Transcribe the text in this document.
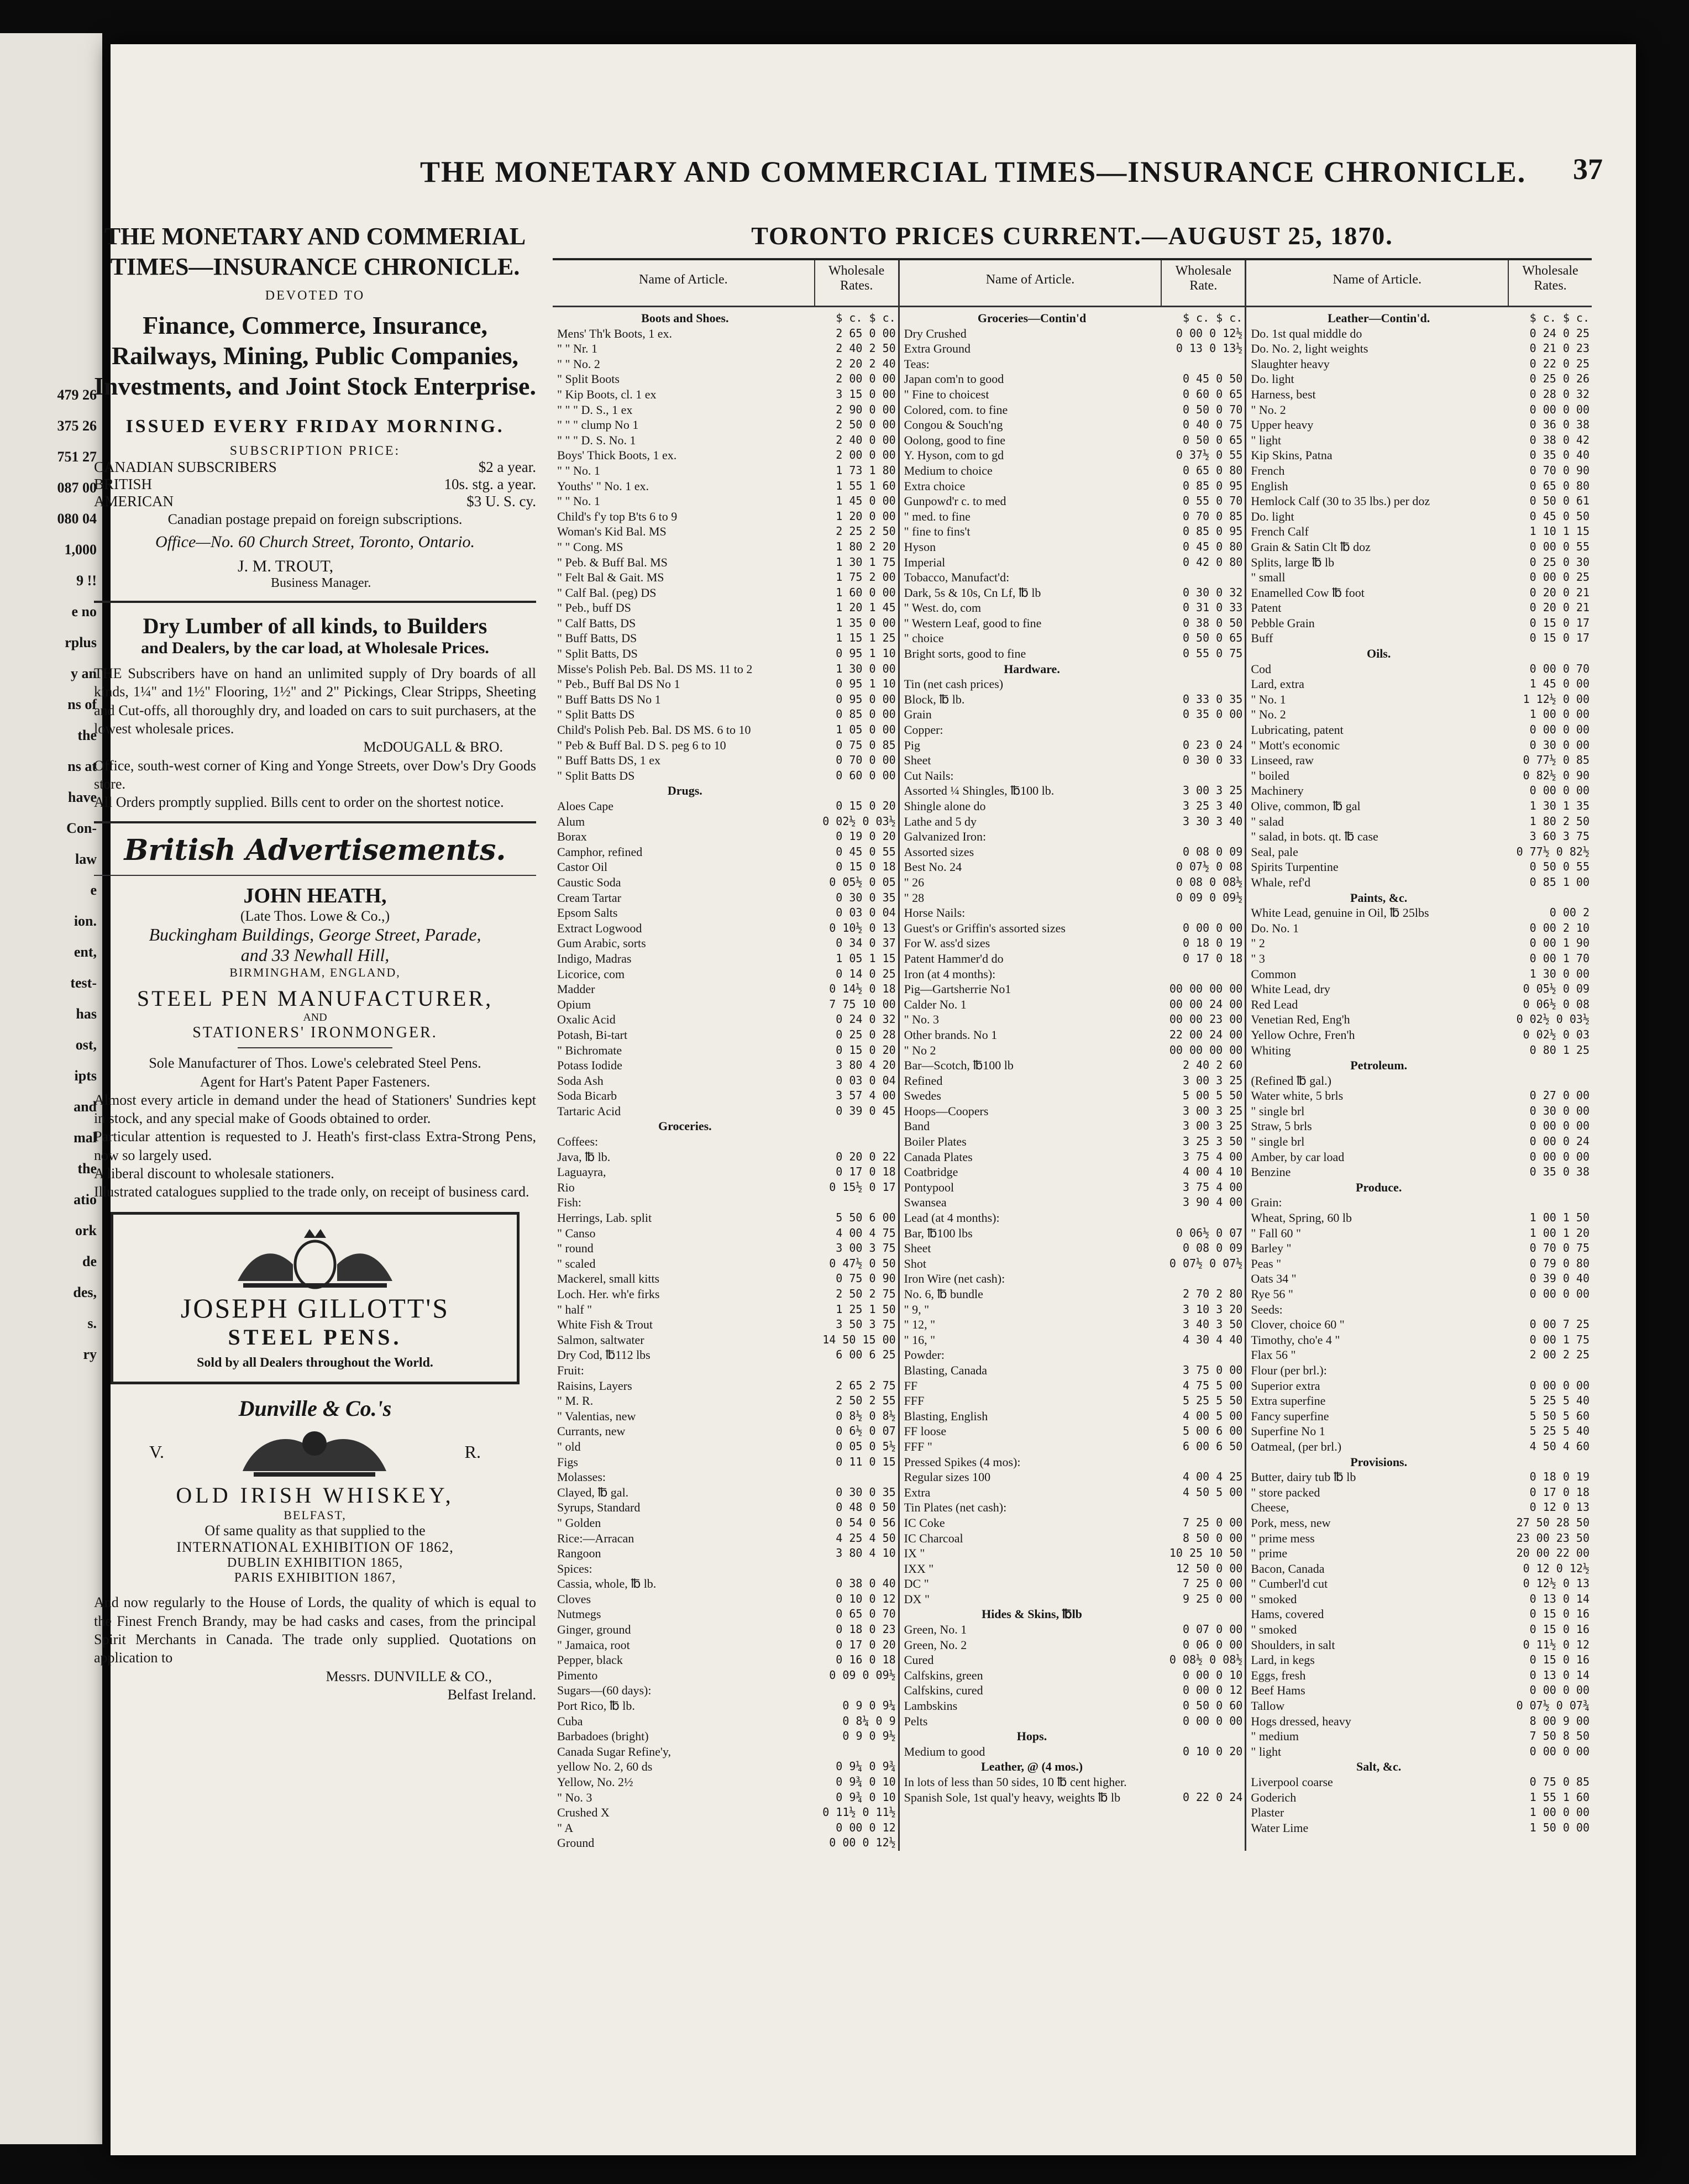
479 26
375 26
751 27
087 00
080 04
1,000
9 !!
e no
rplus
y an
ns of
the
ns at
have
Con-
law
e
ion.
ent,
test-
has
ost,
ipts
and
mal
the
atio
ork
de
des,
s.
ry
THE MONETARY AND COMMERCIAL TIMES—INSURANCE CHRONICLE.	37
THE MONETARY AND COMMERIAL TIMES—INSURANCE CHRONICLE.
DEVOTED TO
Finance, Commerce, Insurance, Railways, Mining, Public Companies, Investments, and Joint Stock Enterprise.
ISSUED EVERY FRIDAY MORNING.
SUBSCRIPTION PRICE:
CANADIAN SUBSCRIBERS	$2 a year.
BRITISH	10s. stg. a year.
AMERICAN	$3 U. S. cy.
Canadian postage prepaid on foreign subscriptions.
Office—No. 60 Church Street, Toronto, Ontario.
J. M. TROUT,
Business Manager.
Dry Lumber of all kinds, to Builders
and Dealers, by the car load, at Wholesale Prices.
THE Subscribers have on hand an unlimited supply of Dry boards of all kinds, 1¼" and 1½" Flooring, 1½" and 2" Pickings, Clear Stripps, Sheeting and Cut-offs, all thoroughly dry, and loaded on cars to suit purchasers, at the lowest wholesale prices.
McDOUGALL & BRO.
Office, south-west corner of King and Yonge Streets, over Dow's Dry Goods store.
All Orders promptly supplied. Bills cent to order on the shortest notice.
British Advertisements.
JOHN HEATH,
(Late Thos. Lowe & Co.,)
Buckingham Buildings, George Street, Parade,
and 33 Newhall Hill,
BIRMINGHAM, ENGLAND,
STEEL PEN MANUFACTURER,
AND
STATIONERS' IRONMONGER.
Sole Manufacturer of Thos. Lowe's celebrated Steel Pens.
Agent for Hart's Patent Paper Fasteners.
Almost every article in demand under the head of Stationers' Sundries kept in stock, and any special make of Goods obtained to order.
Particular attention is requested to J. Heath's first-class Extra-Strong Pens, now so largely used.
A liberal discount to wholesale stationers.
Illustrated catalogues supplied to the trade only, on receipt of business card.
JOSEPH GILLOTT'S
STEEL PENS.
Sold by all Dealers throughout the World.
Dunville & Co.'s
V.	R.
OLD IRISH WHISKEY,
BELFAST,
Of same quality as that supplied to the
INTERNATIONAL EXHIBITION OF 1862,
DUBLIN EXHIBITION 1865,
PARIS EXHIBITION 1867,
And now regularly to the House of Lords, the quality of which is equal to the Finest French Brandy, may be had casks and cases, from the principal Spirit Merchants in Canada. The trade only supplied. Quotations on application to
Messrs. DUNVILLE & CO.,
Belfast Ireland.
TORONTO PRICES CURRENT.—AUGUST 25, 1870.
Name of Article.
Wholesale Rates.
Boots and Shoes.	$ c. $ c.
Mens' Th'k Boots, 1 ex.	2 65 0 00
" " Nr. 1	2 40 2 50
" " No. 2	2 20 2 40
" Split Boots	2 00 0 00
" Kip Boots, cl. 1 ex	3 15 0 00
" " " D. S., 1 ex	2 90 0 00
" " " clump No 1	2 50 0 00
" " " D. S. No. 1	2 40 0 00
Boys' Thick Boots, 1 ex.	2 00 0 00
" " No. 1	1 73 1 80
Youths' " No. 1 ex.	1 55 1 60
" " No. 1	1 45 0 00
Child's f'y top B'ts 6 to 9	1 20 0 00
Woman's Kid Bal. MS	2 25 2 50
" " Cong. MS	1 80 2 20
" Peb. & Buff Bal. MS	1 30 1 75
" Felt Bal & Gait. MS	1 75 2 00
" Calf Bal. (peg) DS	1 60 0 00
" Peb., buff DS	1 20 1 45
" Calf Batts, DS	1 35 0 00
" Buff Batts, DS	1 15 1 25
" Split Batts, DS	0 95 1 10
Misse's Polish Peb. Bal. DS MS. 11 to 2	1 30 0 00
" Peb., Buff Bal DS No 1	0 95 1 10
" Buff Batts DS No 1	0 95 0 00
" Split Batts DS	0 85 0 00
Child's Polish Peb. Bal. DS MS. 6 to 10	1 05 0 00
" Peb & Buff Bal. D S. peg 6 to 10	0 75 0 85
" Buff Batts DS, 1 ex	0 70 0 00
" Split Batts DS	0 60 0 00
Drugs.
Aloes Cape	0 15 0 20
Alum	0 02½ 0 03½
Borax	0 19 0 20
Camphor, refined	0 45 0 55
Castor Oil	0 15 0 18
Caustic Soda	0 05½ 0 05
Cream Tartar	0 30 0 35
Epsom Salts	0 03 0 04
Extract Logwood	0 10½ 0 13
Gum Arabic, sorts	0 34 0 37
Indigo, Madras	1 05 1 15
Licorice, com	0 14 0 25
Madder	0 14½ 0 18
Opium	7 75 10 00
Oxalic Acid	0 24 0 32
Potash, Bi-tart	0 25 0 28
" Bichromate	0 15 0 20
Potass Iodide	3 80 4 20
Soda Ash	0 03 0 04
Soda Bicarb	3 57 4 00
Tartaric Acid	0 39 0 45
Groceries.
Coffees:
Java, ℔ lb.	0 20 0 22
Laguayra,	0 17 0 18
Rio	0 15½ 0 17
Fish:
Herrings, Lab. split	5 50 6 00
" Canso	4 00 4 75
" round	3 00 3 75
" scaled	0 47½ 0 50
Mackerel, small kitts	0 75 0 90
Loch. Her. wh'e firks	2 50 2 75
" half "	1 25 1 50
White Fish & Trout	3 50 3 75
Salmon, saltwater	14 50 15 00
Dry Cod, ℔112 lbs	6 00 6 25
Fruit:
Raisins, Layers	2 65 2 75
" M. R.	2 50 2 55
" Valentias, new	0 8½ 0 8½
Currants, new	0 6½ 0 07
" old	0 05 0 5½
Figs	0 11 0 15
Molasses:
Clayed, ℔ gal.	0 30 0 35
Syrups, Standard	0 48 0 50
" Golden	0 54 0 56
Rice:—Arracan	4 25 4 50
Rangoon	3 80 4 10
Spices:
Cassia, whole, ℔ lb.	0 38 0 40
Cloves	0 10 0 12
Nutmegs	0 65 0 70
Ginger, ground	0 18 0 23
" Jamaica, root	0 17 0 20
Pepper, black	0 16 0 18
Pimento	0 09 0 09½
Sugars—(60 days):
Port Rico, ℔ lb.	0 9 0 9¼
Cuba	0 8¼ 0 9
Barbadoes (bright)	0 9 0 9½
Canada Sugar Refine'y,
yellow No. 2, 60 ds	0 9¼ 0 9¾
Yellow, No. 2½	0 9¾ 0 10
" No. 3	0 9¾ 0 10
Crushed X	0 11½ 0 11½
" A	0 00 0 12
Ground	0 00 0 12½
Name of Article.
Wholesale Rate.
Groceries—Contin'd	$ c. $ c.
Dry Crushed	0 00 0 12½
Extra Ground	0 13 0 13½
Teas:
Japan com'n to good	0 45 0 50
" Fine to choicest	0 60 0 65
Colored, com. to fine	0 50 0 70
Congou & Souch'ng	0 40 0 75
Oolong, good to fine	0 50 0 65
Y. Hyson, com to gd	0 37½ 0 55
Medium to choice	0 65 0 80
Extra choice	0 85 0 95
Gunpowd'r c. to med	0 55 0 70
" med. to fine	0 70 0 85
" fine to fins't	0 85 0 95
Hyson	0 45 0 80
Imperial	0 42 0 80
Tobacco, Manufact'd:
Dark, 5s & 10s, Cn Lf, ℔ lb	0 30 0 32
" West. do, com	0 31 0 33
" Western Leaf, good to fine	0 38 0 50
" choice	0 50 0 65
Bright sorts, good to fine	0 55 0 75
Hardware.
Tin (net cash prices)
Block, ℔ lb.	0 33 0 35
Grain	0 35 0 00
Copper:
Pig	0 23 0 24
Sheet	0 30 0 33
Cut Nails:
Assorted ¼ Shingles, ℔100 lb.	3 00 3 25
Shingle alone do	3 25 3 40
Lathe and 5 dy	3 30 3 40
Galvanized Iron:
Assorted sizes	0 08 0 09
Best No. 24	0 07½ 0 08
" 26	0 08 0 08½
" 28	0 09 0 09½
Horse Nails:
Guest's or Griffin's assorted sizes	0 00 0 00
For W. ass'd sizes	0 18 0 19
Patent Hammer'd do	0 17 0 18
Iron (at 4 months):
Pig—Gartsherrie No1	00 00 00 00
Calder No. 1	00 00 24 00
" No. 3	00 00 23 00
Other brands. No 1	22 00 24 00
" No 2	00 00 00 00
Bar—Scotch, ℔100 lb	2 40 2 60
Refined	3 00 3 25
Swedes	5 00 5 50
Hoops—Coopers	3 00 3 25
Band	3 00 3 25
Boiler Plates	3 25 3 50
Canada Plates	3 75 4 00
Coatbridge	4 00 4 10
Pontypool	3 75 4 00
Swansea	3 90 4 00
Lead (at 4 months):
Bar, ℔100 lbs	0 06½ 0 07
Sheet	0 08 0 09
Shot	0 07½ 0 07½
Iron Wire (net cash):
No. 6, ℔ bundle	2 70 2 80
" 9, "	3 10 3 20
" 12, "	3 40 3 50
" 16, "	4 30 4 40
Powder:
Blasting, Canada	3 75 0 00
FF	4 75 5 00
FFF	5 25 5 50
Blasting, English	4 00 5 00
FF loose	5 00 6 00
FFF "	6 00 6 50
Pressed Spikes (4 mos):
Regular sizes 100	4 00 4 25
Extra	4 50 5 00
Tin Plates (net cash):
IC Coke	7 25 0 00
IC Charcoal	8 50 0 00
IX "	10 25 10 50
IXX "	12 50 0 00
DC "	7 25 0 00
DX "	9 25 0 00
Hides & Skins, ℔lb
Green, No. 1	0 07 0 00
Green, No. 2	0 06 0 00
Cured	0 08½ 0 08½
Calfskins, green	0 00 0 10
Calfskins, cured	0 00 0 12
Lambskins	0 50 0 60
Pelts	0 00 0 00
Hops.
Medium to good	0 10 0 20
Leather, @ (4 mos.)
In lots of less than 50 sides, 10 ℔ cent higher.
Spanish Sole, 1st qual'y heavy, weights ℔ lb	0 22 0 24
Name of Article.
Wholesale Rates.
Leather—Contin'd.	$ c. $ c.
Do. 1st qual middle do	0 24 0 25
Do. No. 2, light weights	0 21 0 23
Slaughter heavy	0 22 0 25
Do. light	0 25 0 26
Harness, best	0 28 0 32
" No. 2	0 00 0 00
Upper heavy	0 36 0 38
" light	0 38 0 42
Kip Skins, Patna	0 35 0 40
French	0 70 0 90
English	0 65 0 80
Hemlock Calf (30 to 35 lbs.) per doz	0 50 0 61
Do. light	0 45 0 50
French Calf	1 10 1 15
Grain & Satin Clt ℔ doz	0 00 0 55
Splits, large ℔ lb	0 25 0 30
" small	0 00 0 25
Enamelled Cow ℔ foot	0 20 0 21
Patent	0 20 0 21
Pebble Grain	0 15 0 17
Buff	0 15 0 17
Oils.
Cod	0 00 0 70
Lard, extra	1 45 0 00
" No. 1	1 12½ 0 00
" No. 2	1 00 0 00
Lubricating, patent	0 00 0 00
" Mott's economic	0 30 0 00
Linseed, raw	0 77½ 0 85
" boiled	0 82½ 0 90
Machinery	0 00 0 00
Olive, common, ℔ gal	1 30 1 35
" salad	1 80 2 50
" salad, in bots. qt. ℔ case	3 60 3 75
Seal, pale	0 77½ 0 82½
Spirits Turpentine	0 50 0 55
Whale, ref'd	0 85 1 00
Paints, &c.
White Lead, genuine in Oil, ℔ 25lbs	0 00 2
Do. No. 1	0 00 2 10
" 2	0 00 1 90
" 3	0 00 1 70
Common	1 30 0 00
White Lead, dry	0 05½ 0 09
Red Lead	0 06½ 0 08
Venetian Red, Eng'h	0 02½ 0 03½
Yellow Ochre, Fren'h	0 02½ 0 03
Whiting	0 80 1 25
Petroleum.
(Refined ℔ gal.)
Water white, 5 brls	0 27 0 00
" single brl	0 30 0 00
Straw, 5 brls	0 00 0 00
" single brl	0 00 0 24
Amber, by car load	0 00 0 00
Benzine	0 35 0 38
Produce.
Grain:
Wheat, Spring, 60 lb	1 00 1 50
" Fall 60 "	1 00 1 20
Barley "	0 70 0 75
Peas "	0 79 0 80
Oats 34 "	0 39 0 40
Rye 56 "	0 00 0 00
Seeds:
Clover, choice 60 "	0 00 7 25
Timothy, cho'e 4 "	0 00 1 75
Flax 56 "	2 00 2 25
Flour (per brl.):
Superior extra	0 00 0 00
Extra superfine	5 25 5 40
Fancy superfine	5 50 5 60
Superfine No 1	5 25 5 40
Oatmeal, (per brl.)	4 50 4 60
Provisions.
Butter, dairy tub ℔ lb	0 18 0 19
" store packed	0 17 0 18
Cheese,	0 12 0 13
Pork, mess, new	27 50 28 50
" prime mess	23 00 23 50
" prime	20 00 22 00
Bacon, Canada	0 12 0 12½
" Cumberl'd cut	0 12½ 0 13
" smoked	0 13 0 14
Hams, covered	0 15 0 16
" smoked	0 15 0 16
Shoulders, in salt	0 11½ 0 12
Lard, in kegs	0 15 0 16
Eggs, fresh	0 13 0 14
Beef Hams	0 00 0 00
Tallow	0 07½ 0 07¾
Hogs dressed, heavy	8 00 9 00
" medium	7 50 8 50
" light	0 00 0 00
Salt, &c.
Liverpool coarse	0 75 0 85
Goderich	1 55 1 60
Plaster	1 00 0 00
Water Lime	1 50 0 00
